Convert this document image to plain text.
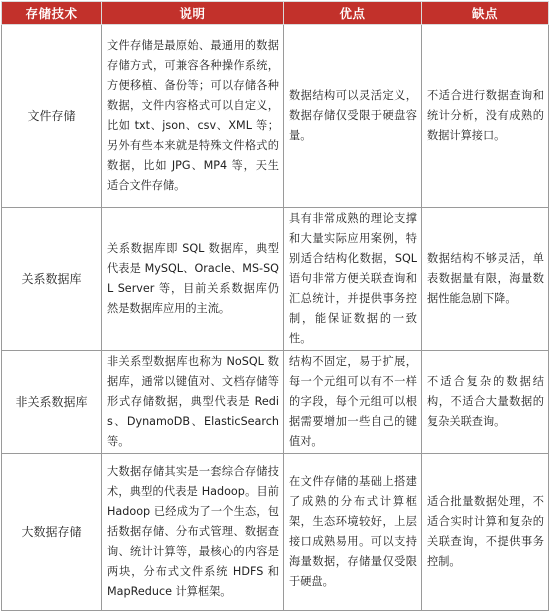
存储技术	说明	优点	缺点
文件存储	文件存储是最原始、最通用的数据存储方式，可兼容各种操作系统，方便移植、备份等；可以存储各种数据，文件内容格式可以自定义，比如 txt、json、csv、XML 等；另外有些本来就是特殊文件格式的数据，比如 JPG、MP4 等，天生适合文件存储。	数据结构可以灵活定义，数据存储仅受限于硬盘容量。	不适合进行数据查询和统计分析，没有成熟的数据计算接口。
关系数据库	关系数据库即 SQL 数据库，典型代表是 MySQL、Oracle、MS-SQL Server 等，目前关系数据库仍然是数据库应用的主流。	具有非常成熟的理论支撑和大量实际应用案例，特别适合结构化数据，SQL 语句非常方便关联查询和汇总统计，并提供事务控制，能保证数据的一致性。	数据结构不够灵活，单表数据量有限，海量数据性能急剧下降。
非关系数据库	非关系型数据库也称为 NoSQL 数据库，通常以键值对、文档存储等形式存储数据，典型代表是 Redis、DynamoDB、ElasticSearch 等。	结构不固定，易于扩展，每一个元组可以有不一样的字段，每个元组可以根据需要增加一些自己的键值对。	不适合复杂的数据结构，不适合大量数据的复杂关联查询。
大数据存储	大数据存储其实是一套综合存储技术，典型的代表是 Hadoop。目前 Hadoop 已经成为了一个生态，包括数据存储、分布式管理、数据查询、统计计算等，最核心的内容是两块，分布式文件系统 HDFS 和 MapReduce 计算框架。	在文件存储的基础上搭建了成熟的分布式计算框架，生态环境较好，上层接口成熟易用。可以支持海量数据，存储量仅受限于硬盘。	适合批量数据处理，不适合实时计算和复杂的关联查询，不提供事务控制。
